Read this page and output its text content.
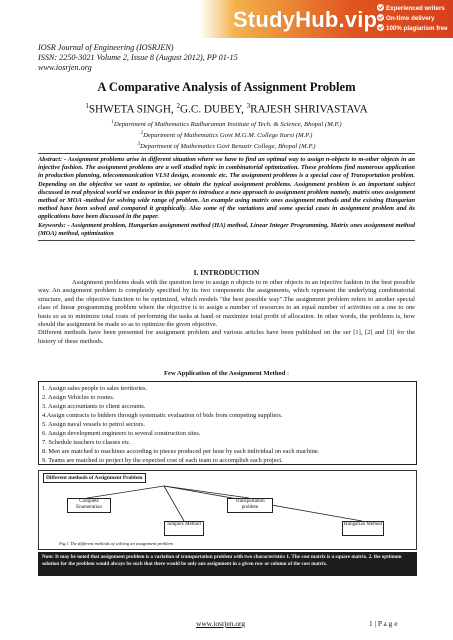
StudyHub.vip	Experienced writers
On-time delivery
100% plagiarism free
IOSR Journal of Engineering (IOSRJEN)
ISSN: 2250-3021 Volume 2, Issue 8 (August 2012), PP 01-15
www.iosrjen.org
A Comparative Analysis of Assignment Problem
$^1$SHWETA SINGH, $^2$G.C. DUBEY, $^3$RAJESH SHRIVASTAVA
$^1$Department of Mathematics Radharaman Institute of Tech. & Science, Bhopal (M.P.)
$^2$Department of Mathematics Govt M.G.M. College Itarsi (M.P.)
$^3$Department of Mathematics Govt Benazir College, Bhopal (M.P.)
Abstract: - Assignment problems arise in different situation where we have to find an optimal way to assign n-objects to m-other objects in an injective fashion. The assignment problems are a well studied topic in combinatorial optimization. These problems find numerous application in production planning, telecommunication VLSI design, economic etc. The assignment problems is a special case of Transportation problem. Depending on the objective we want to optimize, we obtain the typical assignment problems. Assignment problem is an important subject discussed in real physical world we endeavor in this paper to introduce a new approach to assignment problem namely, matrix ones assignment method or MOA -method for solving wide range of problem. An example using matrix ones assignment methods and the existing Hungarian method have been solved and compared it graphically. Also some of the variations and some special cases in assignment problem and its applications have been discussed in the paper.
Keywords: - Assignment problem, Hungarian assignment method (HA) method, Linear Integer Programming, Matrix ones assignment method (MOA) method, optimization
I. INTRODUCTION

Assignment problems deals with the question how to assign n objects to m other objects in an injective fashion in the best possible way. An assignment problem is completely specified by its two components the assignments, which represent the underlying combinatorial structure, and the objective function to be optimized, which models "the best possible way".The assignment problem refers to another special class of linear programming problem where the objective is to assign a number of resources to an equal number of activities on a one to one basis so as to minimize total costs of performing the tasks at hand or maximize total profit of allocation. In other words, the problems is, how should the assignment be made so as to optimize the given objective.

Different methods have been presented for assignment problem and various articles have been published on the ser [1], [2] and [3] for the history of these methods.

Few Application of the Assignment Method :
1. Assign sales people to sales territories.
2. Assign Vehicles to routes.
3. Assign accountants to client accounts.
4.Assign contracts to bidders through systematic evaluation of bids from competing suppliers.
5. Assign naval vessels to petrol sectors.
6. Assign development engineers to several construction sites.
7. Schedule teachers to classes etc.
8. Men are matched to machines according to pieces produced per hour by each individual on each machine.
9. Teams are matched to project by the expected cost of each team to accomplish each project.
Different methods of Assignment Problem
Complete Enumeration
Transportation problem
Simplex Method	Hungarian Method
Fig.1 The different methods of solving an assignment problem
Note: It may be noted that assignment problem is a variation of transportation problem with two characteristics 1. The cost matrix is a square matrix. 2. the optimum solution for the problem would always be such that there would be only one assignment in a given row or column of the cost matrix.
www.iosrjen.org	1 | P a g e
